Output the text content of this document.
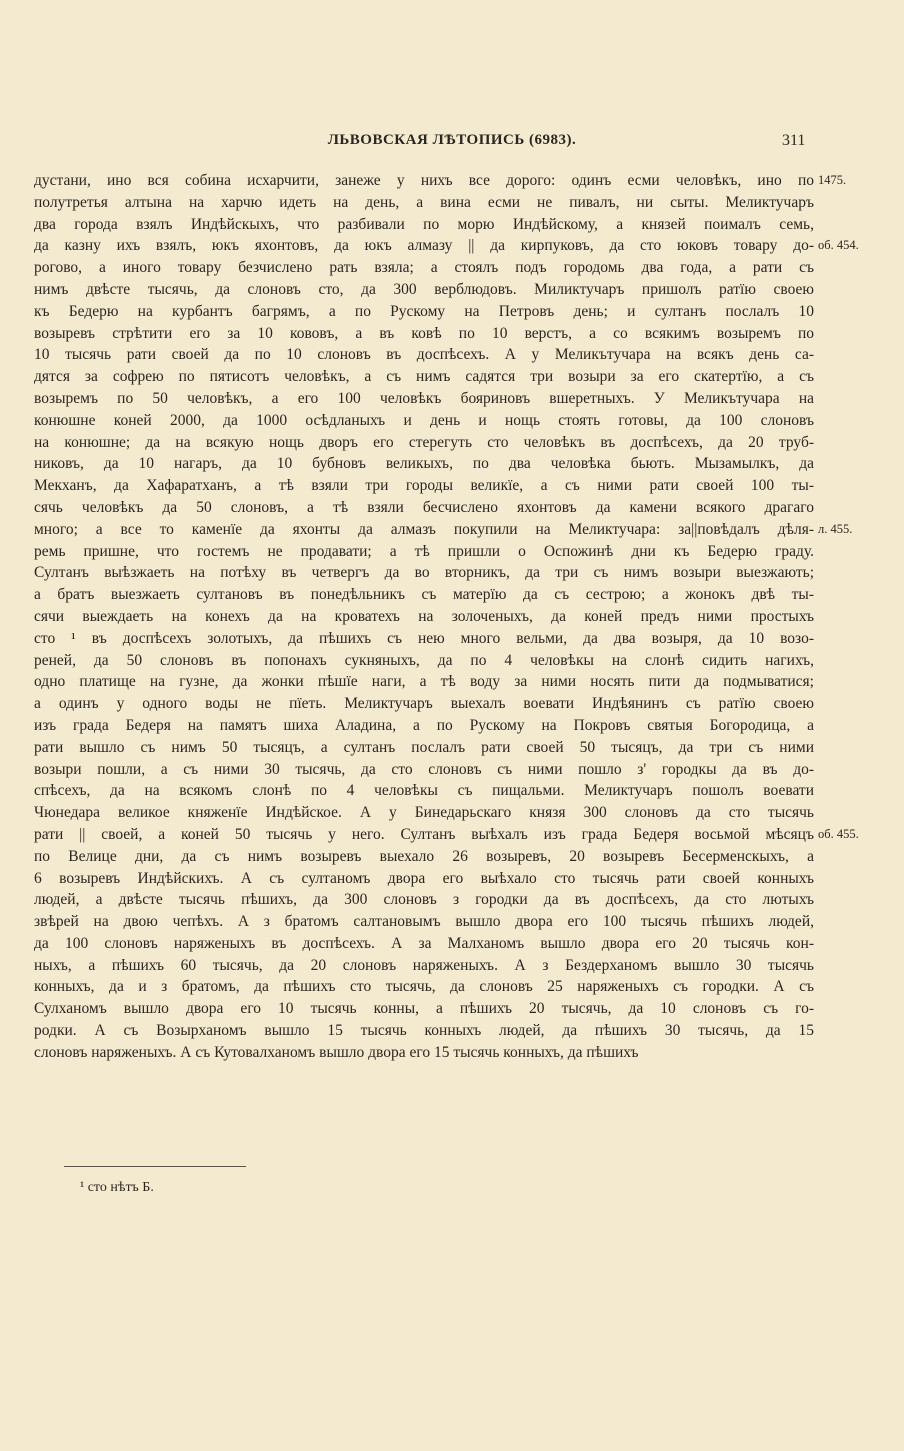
ЛЬВОВСКАЯ ЛѢТОПИСЬ (6983).	311
дустани, ино вся собина исхарчити, занеже у нихъ все дорого: одинъ есми человѣкъ, ино по
полутретья алтына на харчю идеть на день, а вина есми не пивалъ, ни сыты. Меликтучаръ
два города взялъ Индѣйскыхъ, что разбивали по морю Индѣйскому, а князей поималъ семь,
да казну ихъ взялъ, юкъ яхонтовъ, да юкъ алмазу || да кирпуковъ, да сто юковъ товару до-
рогово, а иного товару безчислено рать взяла; а стоялъ подъ городомь два года, а рати съ
нимъ двѣсте тысячь, да слоновъ сто, да 300 верблюдовъ. Миликтучаръ пришолъ ратїю своею
къ Бедерю на курбантъ багрямъ, а по Рускому на Петровъ день; и султанъ послалъ 10
возыревъ стрѣтити его за 10 кововъ, а въ ковѣ по 10 верстъ, а со всякимъ возыремъ по
10 тысячь рати своей да по 10 слоновъ въ доспѣсехъ. А у Меликътучара на всякъ день са-
дятся за софрею по пятисотъ человѣкъ, а съ нимъ садятся три возыри за его скатертїю, а съ
возыремъ по 50 человѣкъ, а его 100 человѣкъ бояриновъ вшеретныхъ. У Меликътучара на
конюшне коней 2000, да 1000 осѣдланыхъ и день и нощь стоять готовы, да 100 слоновъ
на конюшне; да на всякую нощь дворъ его стерегуть сто человѣкъ въ доспѣсехъ, да 20 труб-
никовъ, да 10 нагаръ, да 10 бубновъ великыхъ, по два человѣка бьють. Мызамылкъ, да
Мекханъ, да Хафаратханъ, а тѣ взяли три городы великїе, а съ ними рати своей 100 ты-
сячь человѣкъ да 50 слоновъ, а тѣ взяли бесчислено яхонтовъ да камени всякого драгаго
много; а все то каменїе да яхонты да алмазъ покупили на Меликтучара: за||повѣдалъ дѣля-
ремь пришне, что гостемъ не продавати; а тѣ пришли о Оспожинѣ дни къ Бедерю граду.
Султанъ выѣзжаеть на потѣху въ четвергъ да во вторникъ, да три съ нимъ возыри выезжають;
а братъ выезжаеть султановъ въ понедѣльникъ съ матерїю да съ сестрою; а жонокъ двѣ ты-
сячи выеждаеть на конехъ да на кроватехъ на золоченыхъ, да коней предъ ними простыхъ
сто ¹ въ доспѣсехъ золотыхъ, да пѣшихъ съ нею много вельми, да два возыря, да 10 возо-
реней, да 50 слоновъ въ попонахъ сукняныхъ, да по 4 человѣкы на слонѣ сидить нагихъ,
одно платище на гузне, да жонки пѣшїе наги, а тѣ воду за ними носять пити да подмыватися;
а одинъ у одного воды не пїеть. Меликтучаръ выехалъ воевати Индѣянинъ съ ратїю своею
изъ града Бедеря на памятъ шиха Аладина, а по Рускому на Покровъ святыя Богородица, а
рати вышло съ нимъ 50 тысяцъ, а султанъ послалъ рати своей 50 тысяцъ, да три съ ними
возыри пошли, а съ ними 30 тысячь, да сто слоновъ съ ними пошло з' городкы да въ до-
спѣсехъ, да на всякомъ слонѣ по 4 человѣкы съ пищальми. Меликтучаръ пошолъ воевати
Чюнедара великое княженїе Индѣйское. А у Бинедарьскаго князя 300 слоновъ да сто тысячь
рати || своей, а коней 50 тысячь у него. Султанъ выѣхалъ изъ града Бедеря восьмой мѣсяцъ
по Велице дни, да съ нимъ возыревъ выехало 26 возыревъ, 20 возыревъ Бесерменскыхъ, а
6 возыревъ Индѣйскихъ. А съ султаномъ двора его выѣхало сто тысячь рати своей конныхъ
людей, а двѣсте тысячь пѣшихъ, да 300 слоновъ з городки да въ доспѣсехъ, да сто лютыхъ
звѣрей на двою чепѣхъ. А з братомъ салтановымъ вышло двора его 100 тысячь пѣшихъ людей,
да 100 слоновъ наряженыхъ въ доспѣсехъ. А за Малханомъ вышло двора его 20 тысячь кон-
ныхъ, а пѣшихъ 60 тысячь, да 20 слоновъ наряженыхъ. А з Бездерханомъ вышло 30 тысячь
конныхъ, да и з братомъ, да пѣшихъ сто тысячь, да слоновъ 25 наряженыхъ съ городки. А съ
Сулханомъ вышло двора его 10 тысячь конны, а пѣшихъ 20 тысячь, да 10 слоновъ съ го-
родки. А съ Возырханомъ вышло 15 тысячь конныхъ людей, да пѣшихъ 30 тысячь, да 15
слоновъ наряженыхъ. А съ Кутовалханомъ вышло двора его 15 тысячь конныхъ, да пѣшихъ
1475.
об. 454.
л. 455.
об. 455.
¹ сто нѣтъ Б.
